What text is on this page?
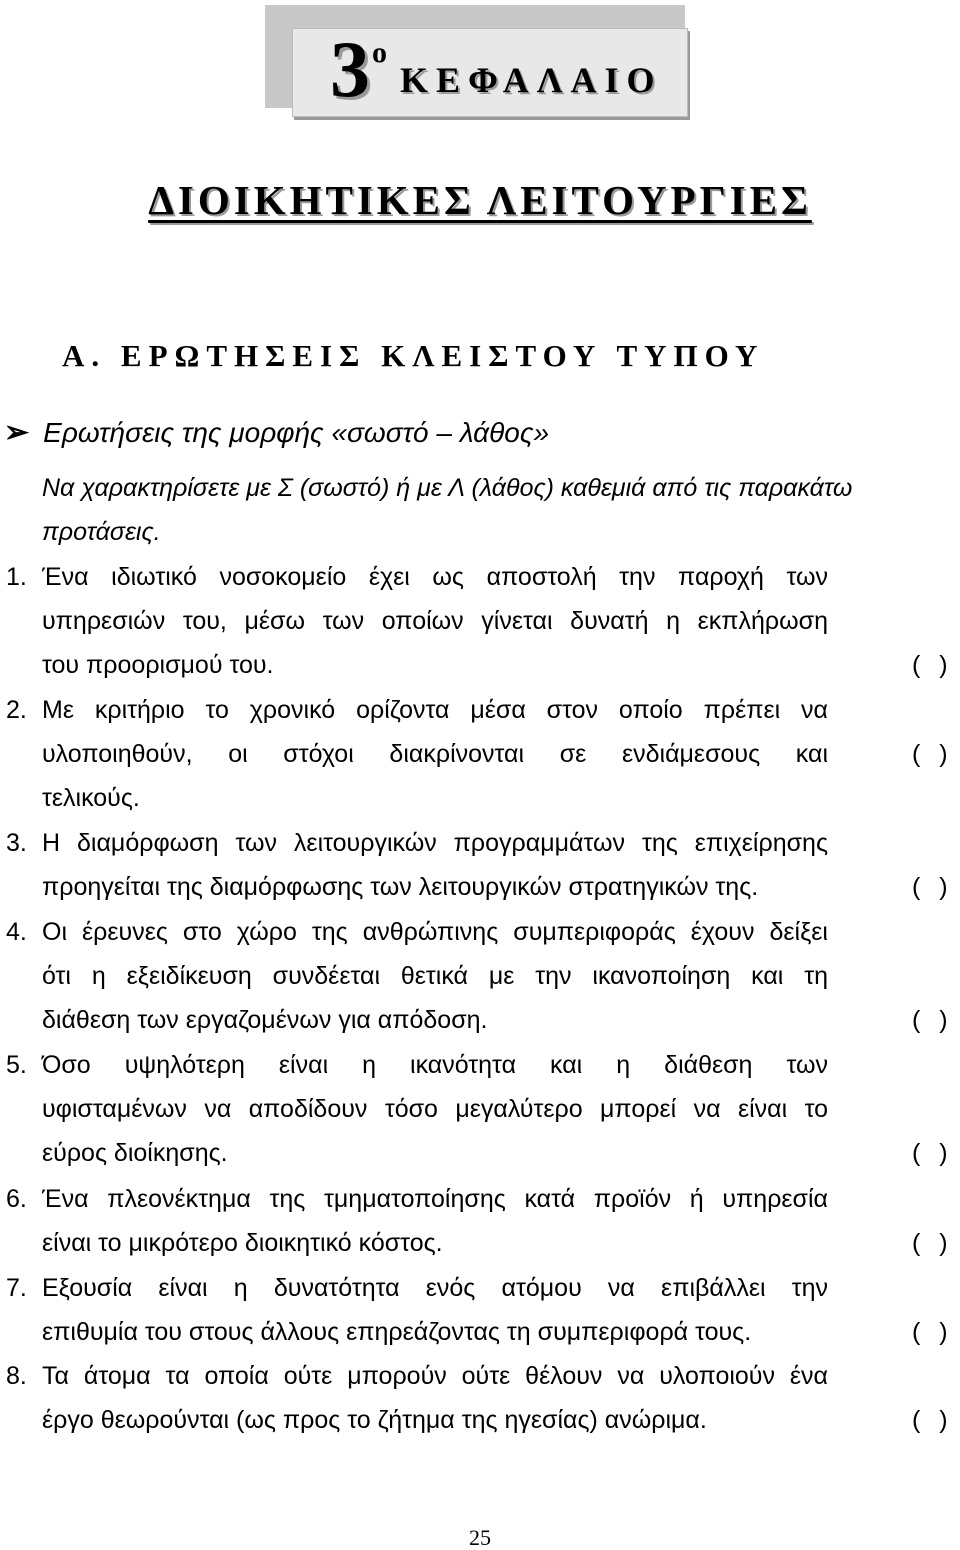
3 ο
ΚΕΦΑΛΑΙΟ
ΔΙΟΙΚΗΤΙΚΕΣ ΛΕΙΤΟΥΡΓΙΕΣ
Α. ΕΡΩΤΗΣΕΙΣ ΚΛΕΙΣΤΟΥ ΤΥΠΟΥ
➢ Ερωτήσεις της μορφής «σωστό – λάθος»
Να χαρακτηρίσετε με Σ (σωστό) ή με Λ (λάθος) καθεμιά από τις παρακάτω
προτάσεις.
1. Ένα ιδιωτικό νοσοκομείο έχει ως αποστολή την παροχή των
υπηρεσιών του, μέσω των οποίων γίνεται δυνατή η εκπλήρωση
του προορισμού του.	( )
2. Με κριτήριο το χρονικό ορίζοντα μέσα στον οποίο πρέπει να
υλοποιηθούν, οι στόχοι διακρίνονται σε ενδιάμεσους και	( )
τελικούς.
3. Η διαμόρφωση των λειτουργικών προγραμμάτων της επιχείρησης
προηγείται της διαμόρφωσης των λειτουργικών στρατηγικών της.	( )
4. Οι έρευνες στο χώρο της ανθρώπινης συμπεριφοράς έχουν δείξει
ότι η εξειδίκευση συνδέεται θετικά με την ικανοποίηση και τη
διάθεση των εργαζομένων για απόδοση.	( )
5. Όσο υψηλότερη είναι η ικανότητα και η διάθεση των
υφισταμένων να αποδίδουν τόσο μεγαλύτερο μπορεί να είναι το
εύρος διοίκησης.	( )
6. Ένα πλεονέκτημα της τμηματοποίησης κατά προϊόν ή υπηρεσία
είναι το μικρότερο διοικητικό κόστος.	( )
7. Εξουσία είναι η δυνατότητα ενός ατόμου να επιβάλλει την
επιθυμία του στους άλλους επηρεάζοντας τη συμπεριφορά τους.	( )
8. Τα άτομα τα οποία ούτε μπορούν ούτε θέλουν να υλοποιούν ένα
έργο θεωρούνται (ως προς το ζήτημα της ηγεσίας) ανώριμα.	( )
25
